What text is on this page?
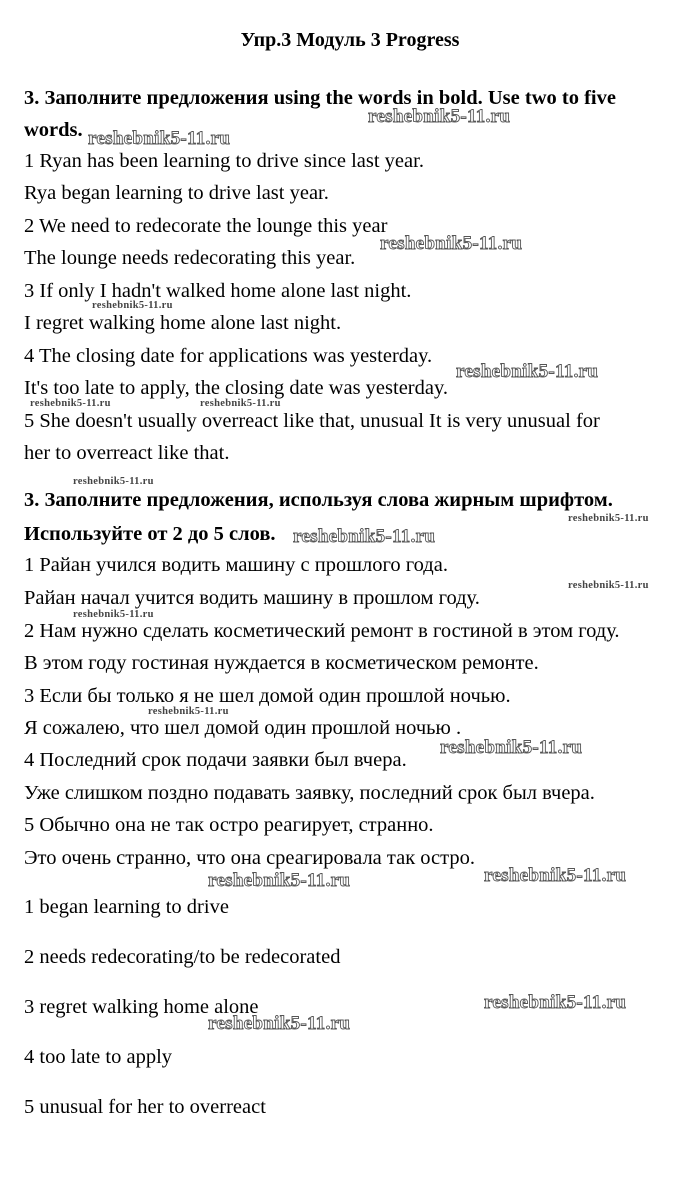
Упр.3 Модуль 3 Progress
3. Заполните предложения using the words in bold. Use two to five
words.
1 Ryan has been learning to drive since last year.
Rya began learning to drive last year.
2 We need to redecorate the lounge this year
The lounge needs redecorating this year.
3 If only I hadn't walked home alone last night.
I regret walking home alone last night.
4 The closing date for applications was yesterday.
It's too late to apply, the closing date was yesterday.
5 She doesn't usually overreact like that, unusual It is very unusual for
her to overreact like that.
3. Заполните предложения, используя слова жирным шрифтом.
Используйте от 2 до 5 слов.
1 Райан учился водить машину с прошлого года.
Райан начал учится водить машину в прошлом году.
2 Нам нужно сделать косметический ремонт в гостиной в этом году.
В этом году гостиная нуждается в косметическом ремонте.
3 Если бы только я не шел домой один прошлой ночью.
Я сожалею, что шел домой один прошлой ночью .
4 Последний срок подачи заявки был вчера.
Уже слишком поздно подавать заявку, последний срок был вчера.
5 Обычно она не так остро реагирует, странно.
Это очень странно, что она среагировала так остро.
1 began learning to drive
2 needs redecorating/to be redecorated
3 regret walking home alone
4 too late to apply
5 unusual for her to overreact
reshebnik5-11.ru
reshebnik5-11.ru
reshebnik5-11.ru
reshebnik5-11.ru
reshebnik5-11.ru
reshebnik5-11.ru
reshebnik5-11.ru	reshebnik5-11.ru
reshebnik5-11.ru
reshebnik5-11.ru
reshebnik5-11.ru
reshebnik5-11.ru	reshebnik5-11.ru
reshebnik5-11.ru
reshebnik5-11.ru
reshebnik5-11.ru
reshebnik5-11.ru
reshebnik5-11.ru
